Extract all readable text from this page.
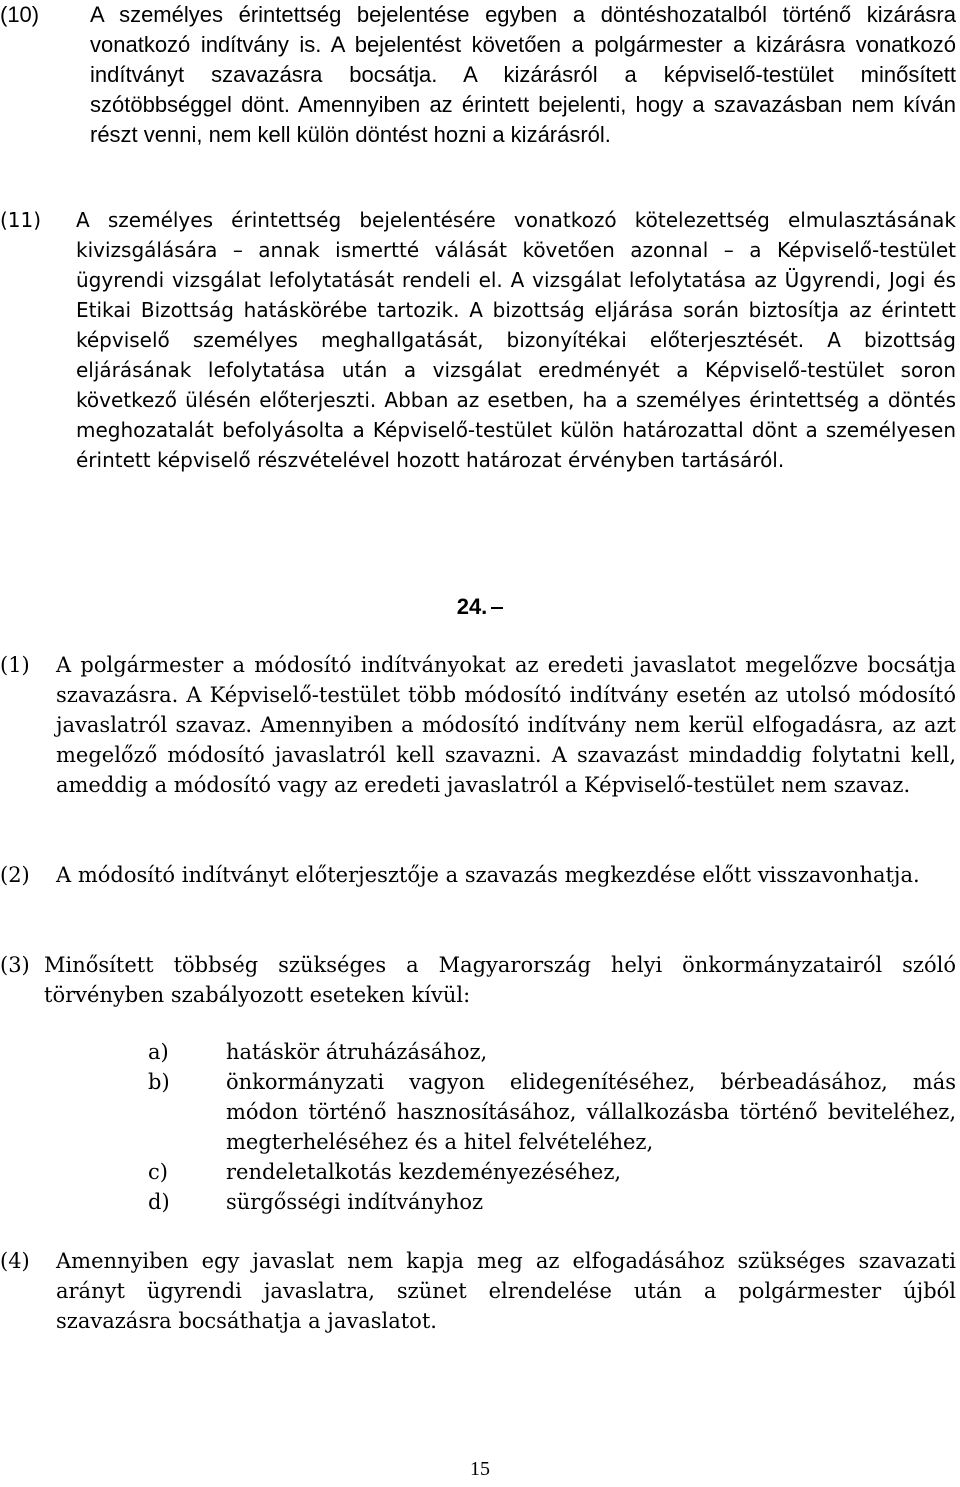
(10)	A személyes érintettség bejelentése egyben a döntéshozatalból történő kizárásra vonatkozó indítvány is. A bejelentést követően a polgármester a kizárásra vonatkozó indítványt szavazásra bocsátja. A kizárásról a képviselő-testület minősített szótöbbséggel dönt. Amennyiben az érintett bejelenti, hogy a szavazásban nem kíván részt venni, nem kell külön döntést hozni a kizárásról.
(11)	A személyes érintettség bejelentésére vonatkozó kötelezettség elmulasztásának kivizsgálására – annak ismertté válását követően azonnal – a Képviselő-testület ügyrendi vizsgálat lefolytatását rendeli el. A vizsgálat lefolytatása az Ügyrendi, Jogi és Etikai Bizottság hatáskörébe tartozik. A bizottság eljárása során biztosítja az érintett képviselő személyes meghallgatását, bizonyítékai előterjesztését. A bizottság eljárásának lefolytatása után a vizsgálat eredményét a Képviselő-testület soron következő ülésén előterjeszti. Abban az esetben, ha a személyes érintettség a döntés meghozatalát befolyásolta a Képviselő-testület külön határozattal dönt a személyesen érintett képviselő részvételével hozott határozat érvényben tartásáról.
24.
(1)	A polgármester a módosító indítványokat az eredeti javaslatot megelőzve bocsátja szavazásra. A Képviselő-testület több módosító indítvány esetén az utolsó módosító javaslatról szavaz. Amennyiben a módosító indítvány nem kerül elfogadásra, az azt megelőző módosító javaslatról kell szavazni. A szavazást mindaddig folytatni kell, ameddig a módosító vagy az eredeti javaslatról a Képviselő-testület nem szavaz.
(2)	A módosító indítványt előterjesztője a szavazás megkezdése előtt visszavonhatja.
(3) Minősített többség szükséges a Magyarország helyi önkormányzatairól szóló törvényben szabályozott eseteken kívül:
a)	hatáskör átruházásához,
b)	önkormányzati vagyon elidegenítéséhez, bérbeadásához, más módon történő hasznosításához, vállalkozásba történő beviteléhez, megterheléséhez és a hitel felvételéhez,
c)	rendeletalkotás kezdeményezéséhez,
d)	sürgősségi indítványhoz
(4)	Amennyiben egy javaslat nem kapja meg az elfogadásához szükséges szavazati arányt ügyrendi javaslatra, szünet elrendelése után a polgármester újból szavazásra bocsáthatja a javaslatot.
15
